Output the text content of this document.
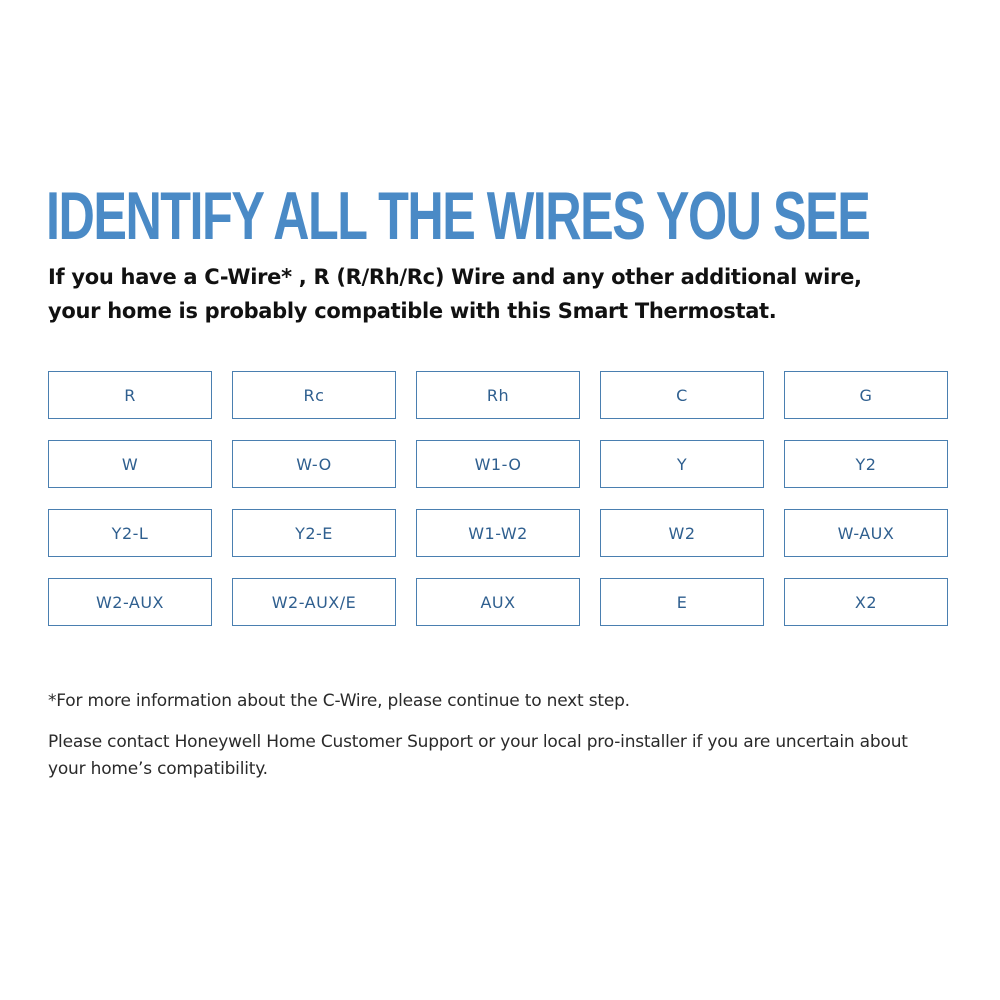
IDENTIFY ALL THE WIRES YOU SEE

If you have a C-Wire* , R (R/Rh/Rc) Wire and any other additional wire,
your home is probably compatible with this Smart Thermostat.

R	Rc	Rh	C	G
W	W-O	W1-O	Y	Y2
Y2-L	Y2-E	W1-W2	W2	W-AUX
W2-AUX	W2-AUX/E	AUX	E	X2

*For more information about the C-Wire, please continue to next step.

Please contact Honeywell Home Customer Support or your local pro-installer if you are uncertain about your home’s compatibility.
